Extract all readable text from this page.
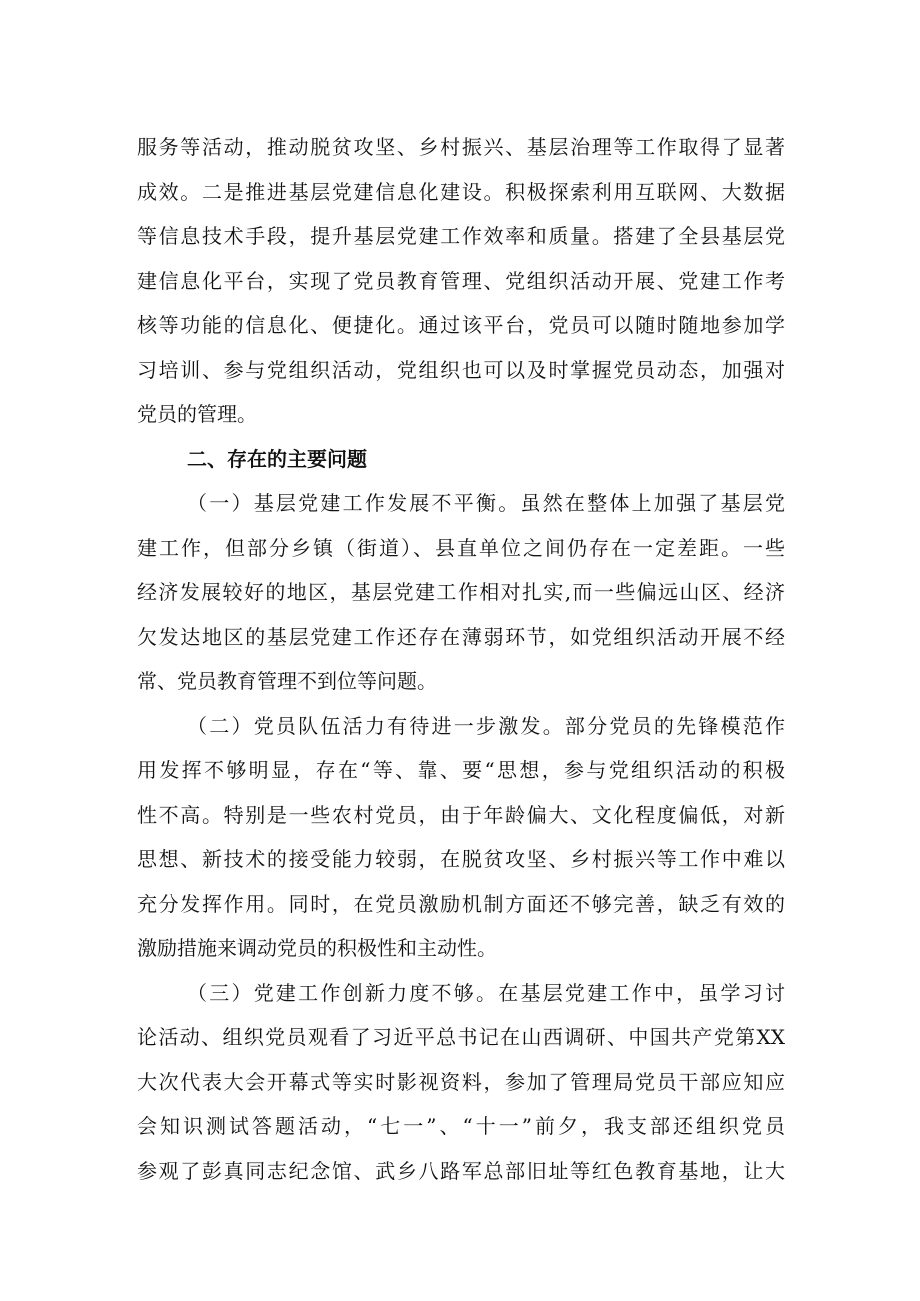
服务等活动，推动脱贫攻坚、乡村振兴、基层治理等工作取得了显著
成效。二是推进基层党建信息化建设。积极探索利用互联网、大数据
等信息技术手段，提升基层党建工作效率和质量。搭建了全县基层党
建信息化平台，实现了党员教育管理、党组织活动开展、党建工作考
核等功能的信息化、便捷化。通过该平台，党员可以随时随地参加学
习培训、参与党组织活动，党组织也可以及时掌握党员动态，加强对
党员的管理。
二、存在的主要问题
（一）基层党建工作发展不平衡。虽然在整体上加强了基层党
建工作，但部分乡镇（街道）、县直单位之间仍存在一定差距。一些
经济发展较好的地区，基层党建工作相对扎实,而一些偏远山区、经济
欠发达地区的基层党建工作还存在薄弱环节，如党组织活动开展不经
常、党员教育管理不到位等问题。
（二）党员队伍活力有待进一步激发。部分党员的先锋模范作
用发挥不够明显，存在“等、靠、要“思想，参与党组织活动的积极
性不高。特别是一些农村党员，由于年龄偏大、文化程度偏低，对新
思想、新技术的接受能力较弱，在脱贫攻坚、乡村振兴等工作中难以
充分发挥作用。同时，在党员激励机制方面还不够完善，缺乏有效的
激励措施来调动党员的积极性和主动性。
（三）党建工作创新力度不够。在基层党建工作中，虽学习讨
论活动、组织党员观看了习近平总书记在山西调研、中国共产党第XX
大次代表大会开幕式等实时影视资料，参加了管理局党员干部应知应
会知识测试答题活动，“七一”、“十一”前夕，我支部还组织党员
参观了彭真同志纪念馆、武乡八路军总部旧址等红色教育基地，让大
